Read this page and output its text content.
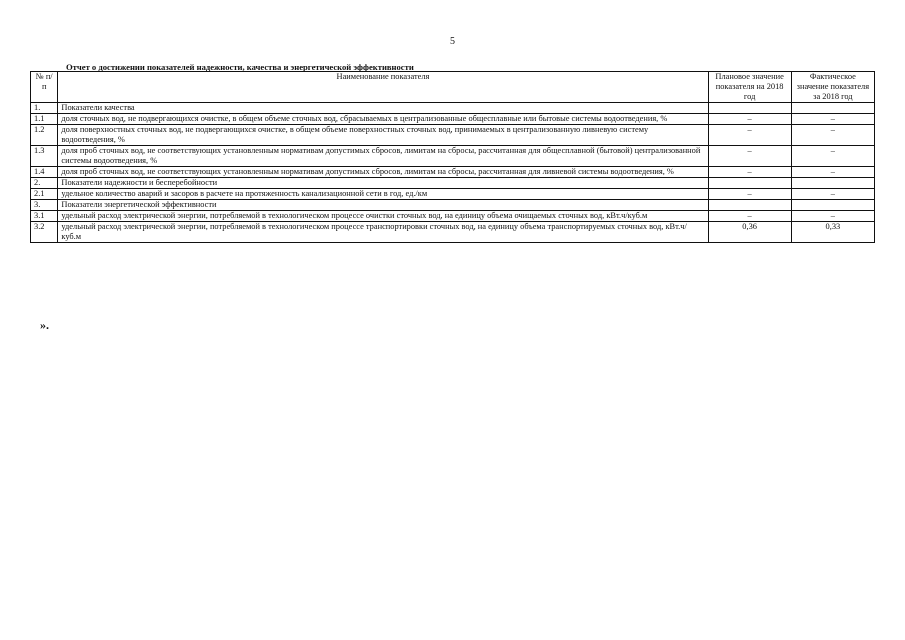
5
Отчет о достижении показателей надежности, качества и энергетической эффективности
№ п/п	Наименование показателя	Плановое значение показателя на 2018 год	Фактическое значение показателя за 2018 год
1.	Показатели качества		
1.1	доля сточных вод, не подвергающихся очистке, в общем объеме сточных вод, сбрасываемых в централизованные общесплавные или бытовые системы водоотведения, %	–	–
1.2	доля поверхностных сточных вод, не подвергающихся очистке, в общем объеме поверхностных сточных вод, принимаемых в централизованную ливневую систему водоотведения, %	–	–
1.3	доля проб сточных вод, не соответствующих установленным нормативам допустимых сбросов, лимитам на сбросы, рассчитанная для общесплавной (бытовой) централизованной системы водоотведения, %	–	–
1.4	доля проб сточных вод, не соответствующих установленным нормативам допустимых сбросов, лимитам на сбросы, рассчитанная для ливневой системы водоотведения, %	–	–
2.	Показатели надежности и бесперебойности		
2.1	удельное количество аварий и засоров в расчете на протяженность канализационной сети в год, ед./км	–	–
3.	Показатели энергетической эффективности		
3.1	удельный расход электрической энергии, потребляемой в технологическом процессе очистки сточных вод, на единицу объема очищаемых сточных вод, кВт.ч/куб.м	–	–
3.2	удельный расход электрической энергии, потребляемой в технологическом процессе транспортировки сточных вод, на единицу объема транспортируемых сточных вод, кВт.ч/куб.м	0,36	0,33
».
